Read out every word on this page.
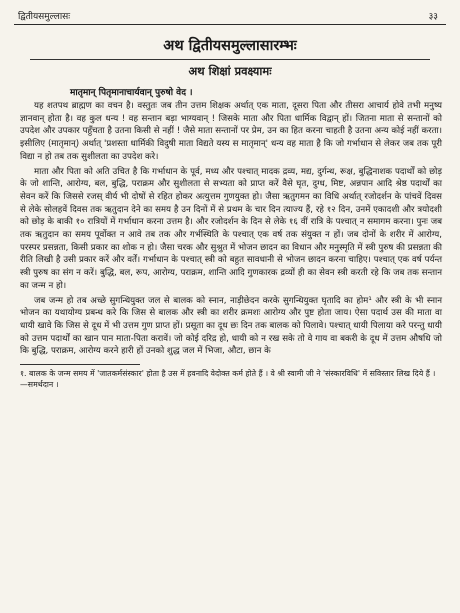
द्वितीयसमुल्लासः	३३
अथ द्वितीयसमुल्लासारम्भः
अथ शिक्षां प्रवक्ष्यामः
मातृमान् पितृमानाचार्यवान् पुरुषो वेद ।

यह शतपथ ब्राह्मण का वचन है। वस्तुतः जब तीन उत्तम शिक्षक अर्थात् एक माता, दूसरा पिता और तीसरा आचार्य होवे तभी मनुष्य ज्ञानवान् होता है। वह कुल धन्य ! वह सन्तान बड़ा भाग्यवान् ! जिसके माता और पिता धार्मिक विद्वान् हों। जितना माता से सन्तानों को उपदेश और उपकार पहुँचता है उतना किसी से नहीं ! जैसे माता सन्तानों पर प्रेम, उन का हित करना चाहती है उतना अन्य कोई नहीं करता। इसीलिए (मातृमान्) अर्थात् 'प्रशस्ता धार्मिकी विदुषी माता विद्यते यस्य स मातृमान्' धन्य वह माता है कि जो गर्भाधान से लेकर जब तक पूरी विद्या न हो तब तक सुशीलता का उपदेश करे।

माता और पिता को अति उचित है कि गर्भाधान के पूर्व, मध्य और पश्चात् मादक द्रव्य, मद्य, दुर्गन्ध, रूक्ष, बुद्धिनाशक पदार्थों को छोड़ के जो शान्ति, आरोग्य, बल, बुद्धि, पराक्रम और सुशीलता से सभ्यता को प्राप्त करें वैसे घृत, दुग्ध, मिष्ट, अन्नपान आदि श्रेष्ठ पदार्थों का सेवन करें कि जिससे रजस् वीर्य भी दोषों से रहित होकर अत्युत्तम गुणयुक्त हो। जैसा ऋतुगमन का विधि अर्थात् रजोदर्शन के पांचवें दिवस से लेके सोलहवें दिवस तक ऋतुदान देने का समय है उन दिनों में से प्रथम के चार दिन त्याज्य हैं, रहे १२ दिन, उनमें एकादशी और त्रयोदशी को छोड़ के बाकी १० रात्रियों में गर्भाधान करना उत्तम है। और रजोदर्शन के दिन से लेके १६ वीं रात्रि के पश्चात् न समागम करना। पुनः जब तक ऋतुदान का समय पूर्वोक्त न आवे तब तक और गर्भस्थिति के पश्चात् एक वर्ष तक संयुक्त न हों। जब दोनों के शरीर में आरोग्य, परस्पर प्रसन्नता, किसी प्रकार का शोक न हो। जैसा चरक और सुश्रुत में भोजन छादन का विधान और मनुस्मृति में स्त्री पुरुष की प्रसन्नता की रीति लिखी है उसी प्रकार करें और वर्तें। गर्भाधान के पश्चात् स्त्री को बहुत सावधानी से भोजन छादन करना चाहिए। पश्चात् एक वर्ष पर्यन्त स्त्री पुरुष का संग न करें। बुद्धि, बल, रूप, आरोग्य, पराक्रम, शान्ति आदि गुणकारक द्रव्यों ही का सेवन स्त्री करती रहे कि जब तक सन्तान का जन्म न हो।

जब जन्म हो तब अच्छे सुगन्धियुक्त जल से बालक को स्नान, नाड़ीछेदन करके सुगन्धियुक्त घृतादि का होम¹ और स्त्री के भी स्नान भोजन का यथायोग्य प्रबन्ध करे कि जिस से बालक और स्त्री का शरीर क्रमशः आरोग्य और पुष्ट होता जाय। ऐसा पदार्थ उस की माता वा धायी खावे कि जिस से दूध में भी उत्तम गुण प्राप्त हों। प्रसूता का दूध छः दिन तक बालक को पिलावे। पश्चात् धायी पिलाया करे परन्तु धायी को उत्तम पदार्थों का खान पान माता-पिता करावें। जो कोई दरिद्र हो, धायी को न रख सके तो वे गाय वा बकरी के दूध में उत्तम औषधि जो कि बुद्धि, पराक्रम, आरोग्य करने हारी हों उनको शुद्ध जल में भिजा, औटा, छान के

१. बालक के जन्म समय में 'जातकर्मसंस्कार' होता है उस में हवनादि वेदोक्त कर्म होते हैं । वे श्री स्वामी जी ने 'संस्कारविधि' में सविस्तार लिख दिये हैं । —समर्थदान ।
